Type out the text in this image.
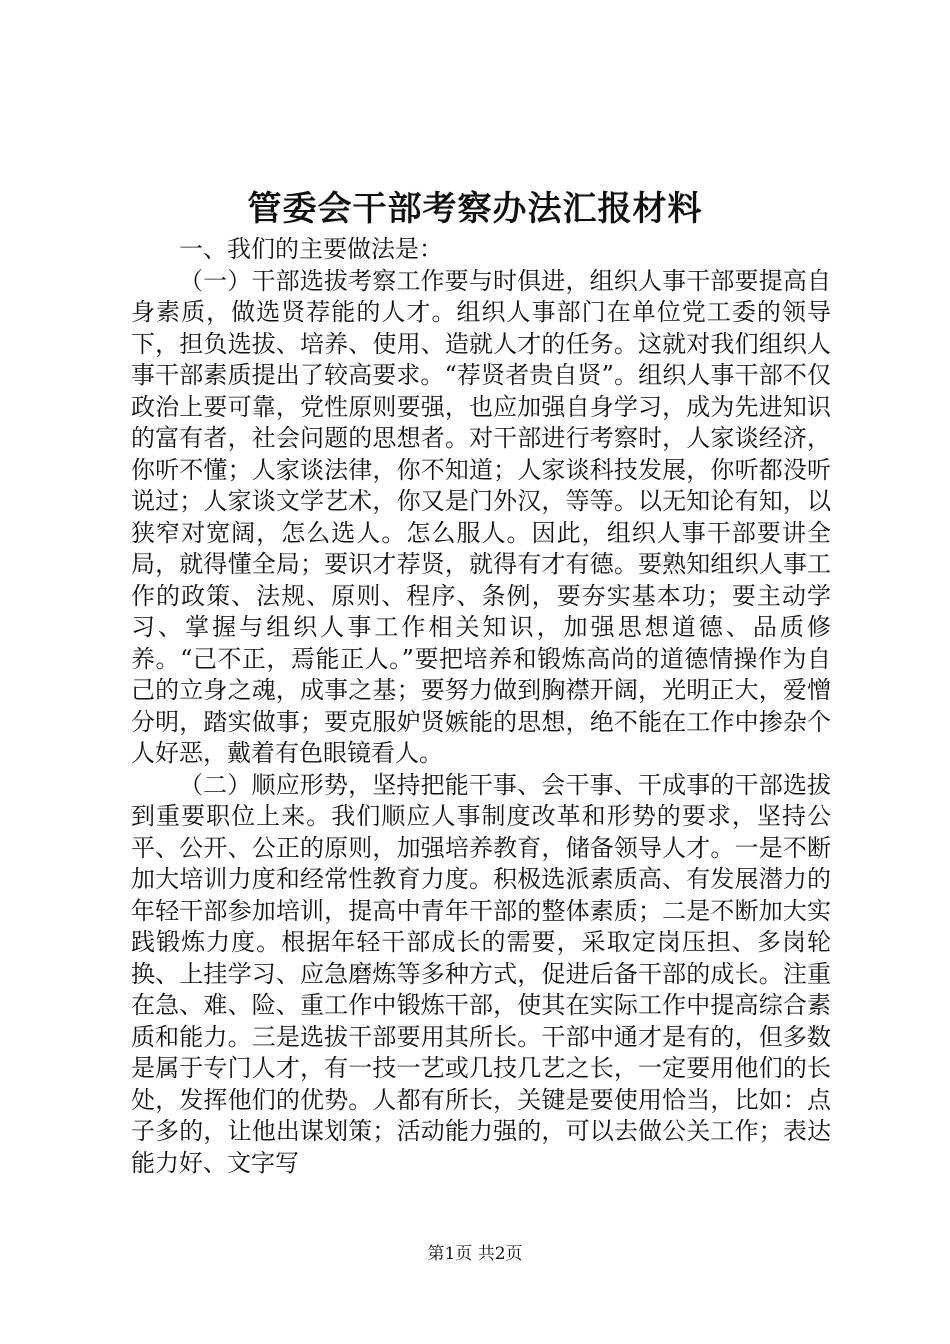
管委会干部考察办法汇报材料

一、我们的主要做法是：

（一）干部选拔考察工作要与时俱进，组织人事干部要提高自身素质，做选贤荐能的人才。组织人事部门在单位党工委的领导下，担负选拔、培养、使用、造就人才的任务。这就对我们组织人事干部素质提出了较高要求。“荐贤者贵自贤”。组织人事干部不仅政治上要可靠，党性原则要强，也应加强自身学习，成为先进知识的富有者，社会问题的思想者。对干部进行考察时，人家谈经济，你听不懂；人家谈法律，你不知道；人家谈科技发展，你听都没听说过；人家谈文学艺术，你又是门外汉，等等。以无知论有知，以狭窄对宽阔，怎么选人。怎么服人。因此，组织人事干部要讲全局，就得懂全局；要识才荐贤，就得有才有德。要熟知组织人事工作的政策、法规、原则、程序、条例，要夯实基本功；要主动学习、掌握与组织人事工作相关知识，加强思想道德、品质修养。“己不正，焉能正人。”要把培养和锻炼高尚的道德情操作为自己的立身之魂，成事之基；要努力做到胸襟开阔，光明正大，爱憎分明，踏实做事；要克服妒贤嫉能的思想，绝不能在工作中掺杂个人好恶，戴着有色眼镜看人。

（二）顺应形势，坚持把能干事、会干事、干成事的干部选拔到重要职位上来。我们顺应人事制度改革和形势的要求，坚持公平、公开、公正的原则，加强培养教育，储备领导人才。一是不断加大培训力度和经常性教育力度。积极选派素质高、有发展潜力的年轻干部参加培训，提高中青年干部的整体素质；二是不断加大实践锻炼力度。根据年轻干部成长的需要，采取定岗压担、多岗轮换、上挂学习、应急磨炼等多种方式，促进后备干部的成长。注重在急、难、险、重工作中锻炼干部，使其在实际工作中提高综合素质和能力。三是选拔干部要用其所长。干部中通才是有的，但多数是属于专门人才，有一技一艺或几技几艺之长，一定要用他们的长处，发挥他们的优势。人都有所长，关键是要使用恰当，比如：点子多的，让他出谋划策；活动能力强的，可以去做公关工作；表达能力好、文字写

第1页 共2页
